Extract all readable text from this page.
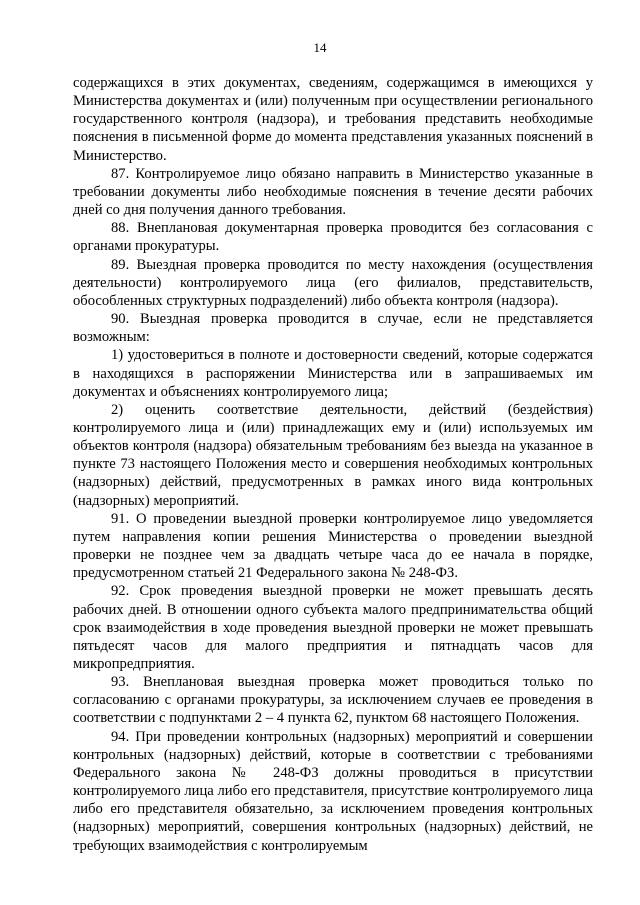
14

содержащихся в этих документах, сведениям, содержащимся в имеющихся у Министерства документах и (или) полученным при осуществлении регионального государственного контроля (надзора), и требования представить необходимые пояснения в письменной форме до момента представления указанных пояснений в Министерство.

87. Контролируемое лицо обязано направить в Министерство указанные в требовании документы либо необходимые пояснения в течение десяти рабочих дней со дня получения данного требования.

88. Внеплановая документарная проверка проводится без согласования с органами прокуратуры.

89. Выездная проверка проводится по месту нахождения (осуществления деятельности) контролируемого лица (его филиалов, представительств, обособленных структурных подразделений) либо объекта контроля (надзора).

90. Выездная проверка проводится в случае, если не представляется возможным:

1) удостовериться в полноте и достоверности сведений, которые содержатся в находящихся в распоряжении Министерства или в запрашиваемых им документах и объяснениях контролируемого лица;

2) оценить соответствие деятельности, действий (бездействия) контролируемого лица и (или) принадлежащих ему и (или) используемых им объектов контроля (надзора) обязательным требованиям без выезда на указанное в пункте 73 настоящего Положения место и совершения необходимых контрольных (надзорных) действий, предусмотренных в рамках иного вида контрольных (надзорных) мероприятий.

91. О проведении выездной проверки контролируемое лицо уведомляется путем направления копии решения Министерства о проведении выездной проверки не позднее чем за двадцать четыре часа до ее начала в порядке, предусмотренном статьей 21 Федерального закона № 248-ФЗ.

92. Срок проведения выездной проверки не может превышать десять рабочих дней. В отношении одного субъекта малого предпринимательства общий срок взаимодействия в ходе проведения выездной проверки не может превышать пятьдесят часов для малого предприятия и пятнадцать часов для микропредприятия.

93. Внеплановая выездная проверка может проводиться только по согласованию с органами прокуратуры, за исключением случаев ее проведения в соответствии с подпунктами 2 – 4 пункта 62, пунктом 68 настоящего Положения.

94. При проведении контрольных (надзорных) мероприятий и совершении контрольных (надзорных) действий, которые в соответствии с требованиями Федерального закона № 248-ФЗ должны проводиться в присутствии контролируемого лица либо его представителя, присутствие контролируемого лица либо его представителя обязательно, за исключением проведения контрольных (надзорных) мероприятий, совершения контрольных (надзорных) действий, не требующих взаимодействия с контролируемым
